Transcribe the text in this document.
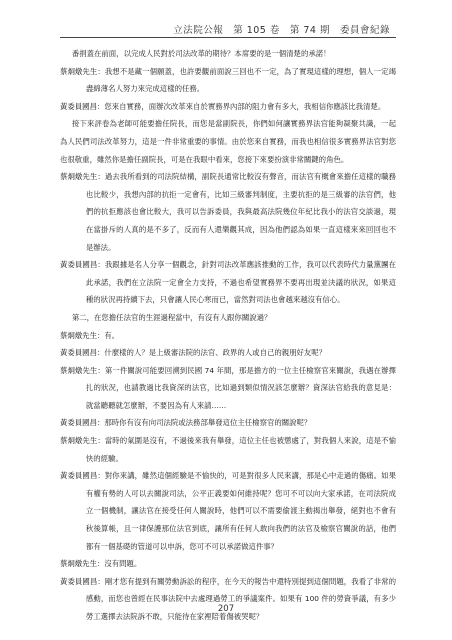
立法院公報　第 105 卷　第 74 期　委員會紀錄

番捐蓋在前面，以完成人民對於司法改革的期待？本席要的是一個清楚的承諾！

蔡炯燉先生：我想不是藏一個願蓋，也許要觀前面說三回也不一定，為了實現這樣的理想，個人一定竭盡綿薄名人努力來完成這樣的任務。

黃委員國昌：您來自實務，面辦次改革來自於實務界內部的阻力會有多大，我相信你應該比我清楚。

接下來評卷為老師可能要擔任院長，而您是當副院長，你們如何讓實務界法官能夠凝聚共識，一起為人民們司法改革努力，這是一件非常重要的事情。由於您來自實務，而我也相信很多實務界法官對您也很敬重，雖然你是擔任副院長，可是在我眼中看來，您接下來要扮演非常關鍵的角色。

蔡炯燉先生：過去我所看到的司法院結構，副院長通常比較沒有聲音，而法官有概會來擔任這樣的職務也比較少，我想內部的抗拒一定會有，比如三級審判制度，主要抗拒的是三級審的法官們，他們的抗拒應該也會比較大，我可以告訴委員，我與最高法院幾位年紀比我小的法官交談過，現在當掛斥的人真的是不多了，反而有人還樂觀其成，因為他們認為如果一直這樣來來回回也不是辦法。

黃委員國昌：我跟據是名人分享一個觀念，針對司法改革應該推動的工作，我可以代表時代力量黨團在此承諾，我們在立法院一定會全力支持，不過也希望實務界不要再出現並決議的狀況，如果這種的狀況再持續下去，只會讓人民心寒而已，當然對司法也會越來越沒有信心。

第二，在您擔任法官的生涯過程當中，有沒有人跟你關說過？

蔡炯燉先生：有。

黃委員國昌：什麼樣的人？是上級審法院的法官、政界的人或自己的親朋好友呢？

蔡炯燉先生：第一件關說可能要回溯到民國 74 年間，那是擔方的一位主任檢察官來關說，我遇在辦擇扎的狀況，也請教過比我資深的法官，比如過到類似情況該怎麼辦？資深法官給我的意見是：就當聽聽就怎麼辦，不要因為有人來請……

黃委員國昌：那時你有沒有向司法院或法務部舉發這位主任檢察官的關說呢？

蔡炯燉先生：當時的氣圍是沒有，不過後來我有舉發，這位主任也被懲處了，對我個人來說，這是不愉快的經驗。

黃委員國昌：對你來講，雖然這個經驗是不愉快的，可是對很多人民來講，那是心中走過的傷痛。如果有權有勢的人可以去關說司法，公平正義要如何維持呢？您可不可以向大家承諾，在司法院成立一個機制，讓法官在接受任何人關說時，他們可以不需要偷渡主動揭出舉發，絕對也不會有秋後算帳，且一律保護那位法官到底，讓所有任何人敢向我們的法官及檢察官關說的話，他們都有一個基礎的管道可以申訴，您可不可以承諾做這件事？

蔡炯燉先生：沒有問題。

黃委員國昌：剛才您有提到有關勞動訴訟的程序，在今天的報告中還特別提到這個問題，我看了非常的感動，而您也曾經在民事法院中去處理過勞工的爭議案件。如果有 100 件的勞資爭議，有多少勞工選擇去法院訴不敢，只能待在家裡陪着傷被哭呢？

207
